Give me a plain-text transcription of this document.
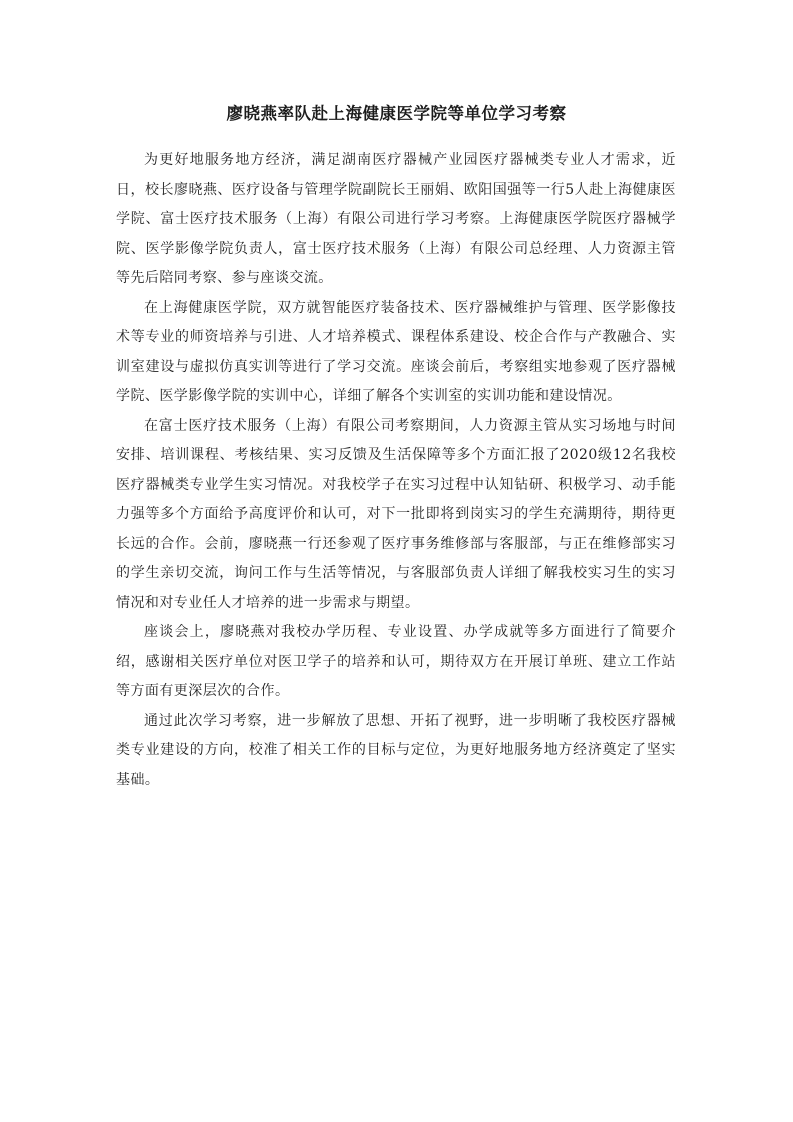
廖晓燕率队赴上海健康医学院等单位学习考察

为更好地服务地方经济，满足湖南医疗器械产业园医疗器械类专业人才需求，近日，校长廖晓燕、医疗设备与管理学院副院长王丽娟、欧阳国强等一行5人赴上海健康医学院、富士医疗技术服务（上海）有限公司进行学习考察。上海健康医学院医疗器械学院、医学影像学院负责人，富士医疗技术服务（上海）有限公司总经理、人力资源主管等先后陪同考察、参与座谈交流。

在上海健康医学院，双方就智能医疗装备技术、医疗器械维护与管理、医学影像技术等专业的师资培养与引进、人才培养模式、课程体系建设、校企合作与产教融合、实训室建设与虚拟仿真实训等进行了学习交流。座谈会前后，考察组实地参观了医疗器械学院、医学影像学院的实训中心，详细了解各个实训室的实训功能和建设情况。

在富士医疗技术服务（上海）有限公司考察期间，人力资源主管从实习场地与时间安排、培训课程、考核结果、实习反馈及生活保障等多个方面汇报了2020级12名我校医疗器械类专业学生实习情况。对我校学子在实习过程中认知钻研、积极学习、动手能力强等多个方面给予高度评价和认可，对下一批即将到岗实习的学生充满期待，期待更长远的合作。会前，廖晓燕一行还参观了医疗事务维修部与客服部，与正在维修部实习的学生亲切交流，询问工作与生活等情况，与客服部负责人详细了解我校实习生的实习情况和对专业任人才培养的进一步需求与期望。

座谈会上，廖晓燕对我校办学历程、专业设置、办学成就等多方面进行了简要介绍，感谢相关医疗单位对医卫学子的培养和认可，期待双方在开展订单班、建立工作站等方面有更深层次的合作。

通过此次学习考察，进一步解放了思想、开拓了视野，进一步明晰了我校医疗器械类专业建设的方向，校准了相关工作的目标与定位，为更好地服务地方经济奠定了坚实基础。
